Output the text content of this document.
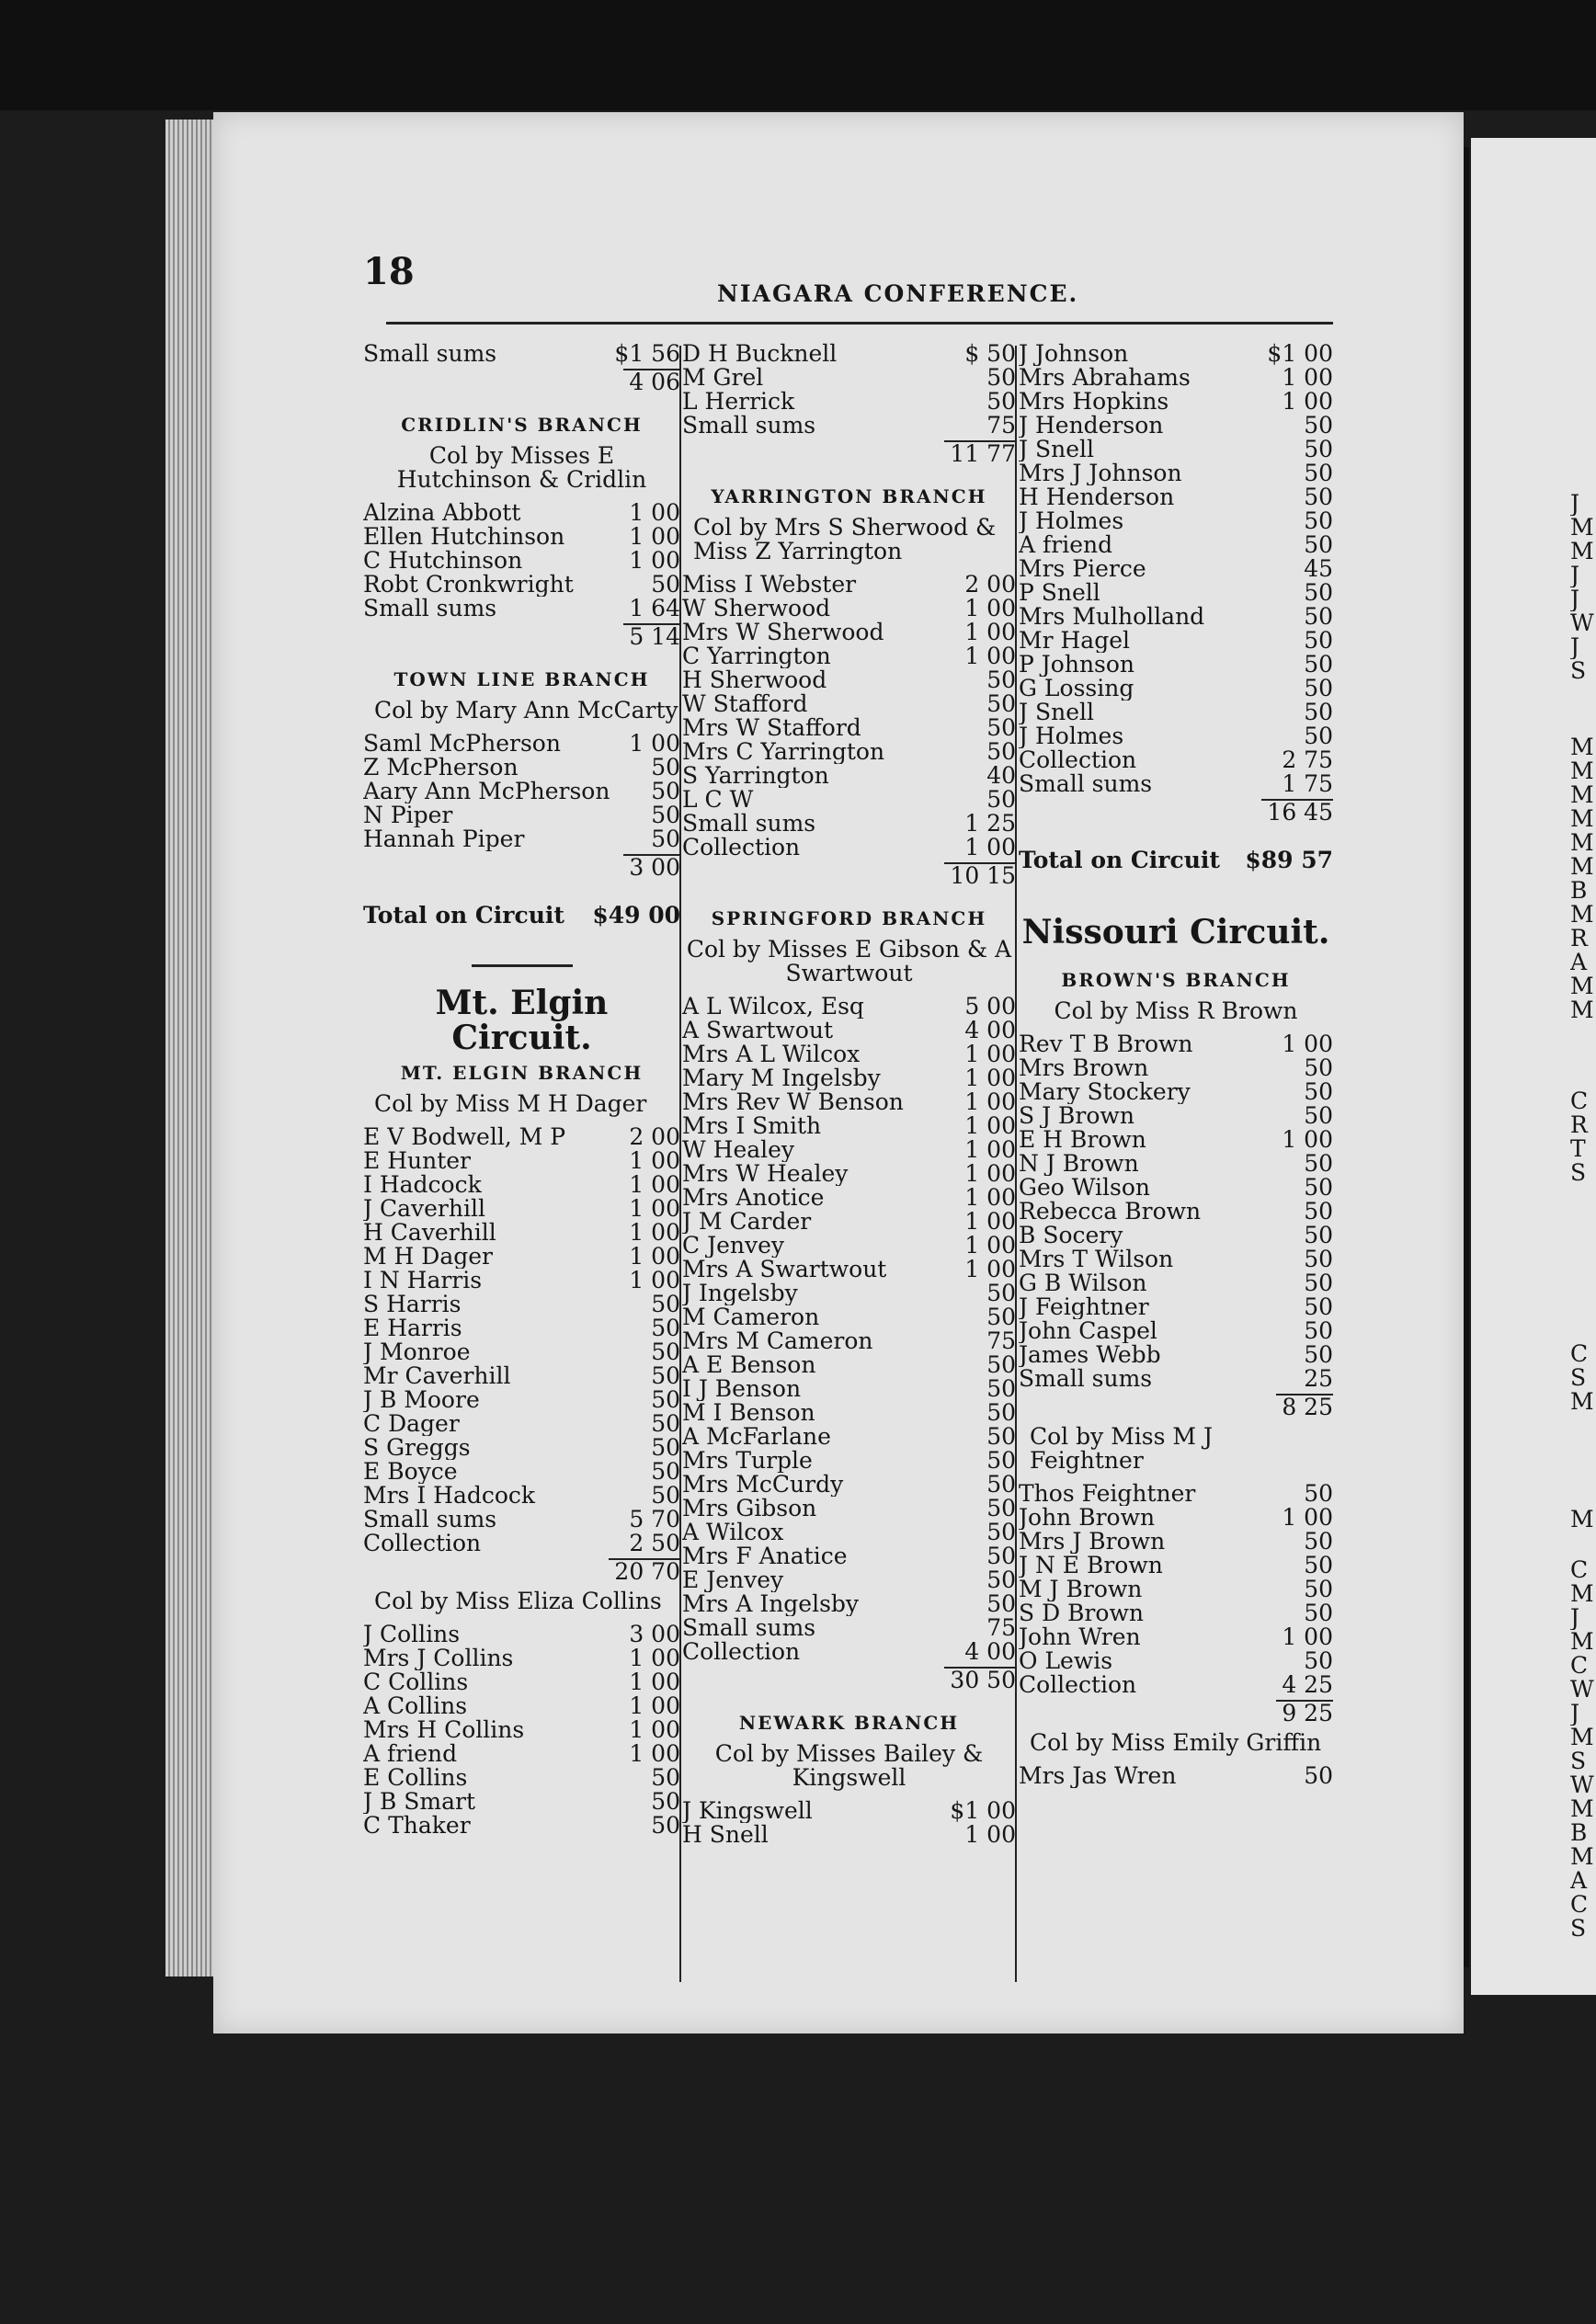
18
NIAGARA CONFERENCE.
Small sums	$1 56
4 06
CRIDLIN'S BRANCH
Col by Misses E Hutchinson & Cridlin
Alzina Abbott	1 00
Ellen Hutchinson	1 00
C Hutchinson	1 00
Robt Cronkwright	50
Small sums	1 64
5 14
TOWN LINE BRANCH
Col by Mary Ann McCarty
Saml McPherson	1 00
Z McPherson	50
Aary Ann McPherson	50
N Piper	50
Hannah Piper	50
3 00
Total on Circuit	$49 00
Mt. Elgin Circuit.
MT. ELGIN BRANCH
Col by Miss M H Dager
E V Bodwell, M P	2 00
E Hunter	1 00
I Hadcock	1 00
J Caverhill	1 00
H Caverhill	1 00
M H Dager	1 00
I N Harris	1 00
S Harris	50
E Harris	50
J Monroe	50
Mr Caverhill	50
J B Moore	50
C Dager	50
S Greggs	50
E Boyce	50
Mrs I Hadcock	50
Small sums	5 70
Collection	2 50
20 70
Col by Miss Eliza Collins
J Collins	3 00
Mrs J Collins	1 00
C Collins	1 00
A Collins	1 00
Mrs H Collins	1 00
A friend	1 00
E Collins	50
J B Smart	50
C Thaker	50
D H Bucknell	$ 50
M Grel	50
L Herrick	50
Small sums	75
11 77
YARRINGTON BRANCH
Col by Mrs S Sherwood & Miss Z Yarrington
Miss I Webster	2 00
W Sherwood	1 00
Mrs W Sherwood	1 00
C Yarrington	1 00
H Sherwood	50
W Stafford	50
Mrs W Stafford	50
Mrs C Yarrington	50
S Yarrington	40
L C W	50
Small sums	1 25
Collection	1 00
10 15
SPRINGFORD BRANCH
Col by Misses E Gibson & A Swartwout
A L Wilcox, Esq	5 00
A Swartwout	4 00
Mrs A L Wilcox	1 00
Mary M Ingelsby	1 00
Mrs Rev W Benson	1 00
Mrs I Smith	1 00
W Healey	1 00
Mrs W Healey	1 00
Mrs Anotice	1 00
J M Carder	1 00
C Jenvey	1 00
Mrs A Swartwout	1 00
J Ingelsby	50
M Cameron	50
Mrs M Cameron	75
A E Benson	50
I J Benson	50
M I Benson	50
A McFarlane	50
Mrs Turple	50
Mrs McCurdy	50
Mrs Gibson	50
A Wilcox	50
Mrs F Anatice	50
E Jenvey	50
Mrs A Ingelsby	50
Small sums	75
Collection	4 00
30 50
NEWARK BRANCH
Col by Misses Bailey & Kingswell
J Kingswell	$1 00
H Snell	1 00
J Johnson	$1 00
Mrs Abrahams	1 00
Mrs Hopkins	1 00
J Henderson	50
J Snell	50
Mrs J Johnson	50
H Henderson	50
J Holmes	50
A friend	50
Mrs Pierce	45
P Snell	50
Mrs Mulholland	50
Mr Hagel	50
P Johnson	50
G Lossing	50
J Snell	50
J Holmes	50
Collection	2 75
Small sums	1 75
16 45
Total on Circuit	$89 57
Nissouri Circuit.
BROWN'S BRANCH
Col by Miss R Brown
Rev T B Brown	1 00
Mrs Brown	50
Mary Stockery	50
S J Brown	50
E H Brown	1 00
N J Brown	50
Geo Wilson	50
Rebecca Brown	50
B Socery	50
Mrs T Wilson	50
G B Wilson	50
J Feightner	50
John Caspel	50
James Webb	50
Small sums	25
8 25
Col by Miss M J Feightner
Thos Feightner	50
John Brown	1 00
Mrs J Brown	50
J N E Brown	50
M J Brown	50
S D Brown	50
John Wren	1 00
O Lewis	50
Collection	4 25
9 25
Col by Miss Emily Griffin
Mrs Jas Wren	50
J
M
M
J
J
W
J
S
M
M
M
M
M
M
B
M
R
A
M
M
C
R
T
S
C
S
M
M
C
M
J
M
C
W
J
M
S
W
M
B
M
A
C
S
